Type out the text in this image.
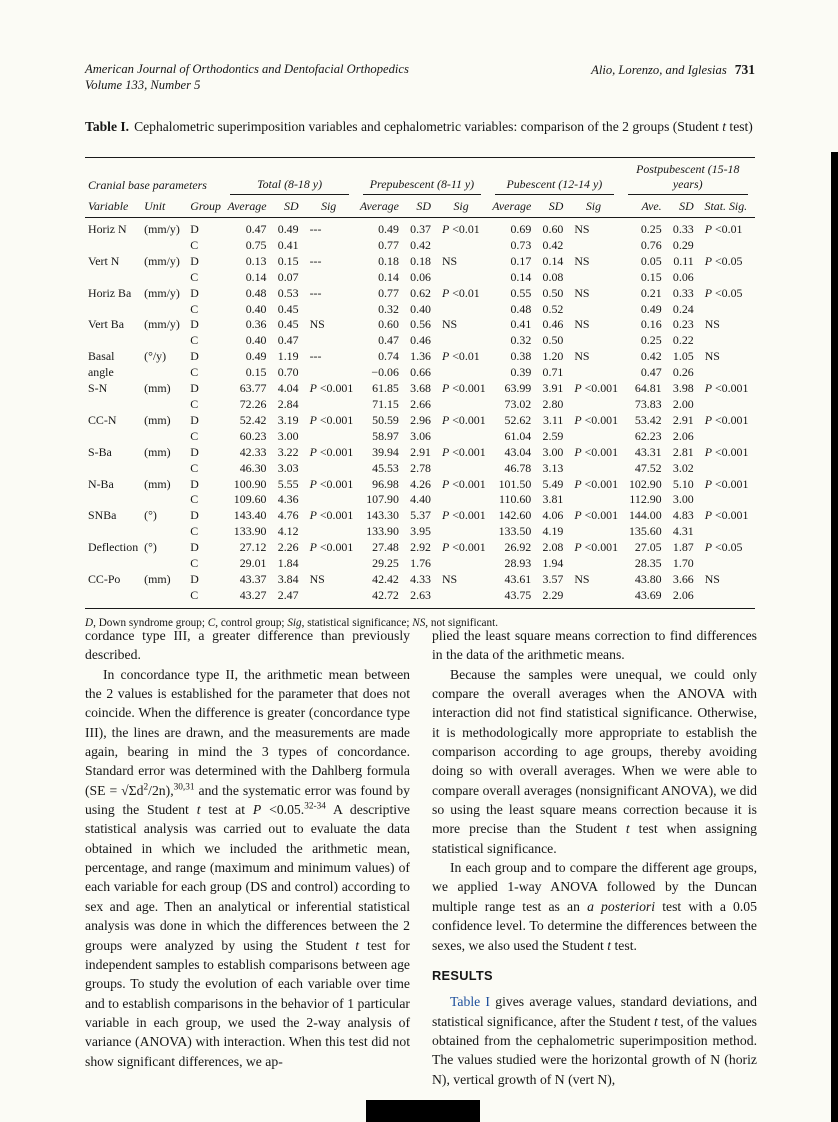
American Journal of Orthodontics and Dentofacial Orthopedics
Volume 133, Number 5
Alio, Lorenzo, and Iglesias 731
Table I. Cephalometric superimposition variables and cephalometric variables: comparison of the 2 groups (Student t test)
Cranial base parameters			Total (8-18 y)			Prepubescent (8-11 y)			Pubescent (12-14 y)			Postpubescent (15-18 years)		

Variable	Unit	Group	Average	SD	Sig	Average	SD	Sig	Average	SD	Sig	Ave.	SD	Stat. Sig.
Horiz N	(mm/y)	D	0.47	0.49	---	0.49	0.37	P <0.01	0.69	0.60	NS	0.25	0.33	P <0.01
		C	0.75	0.41		0.77	0.42		0.73	0.42		0.76	0.29	
Vert N	(mm/y)	D	0.13	0.15	---	0.18	0.18	NS	0.17	0.14	NS	0.05	0.11	P <0.05
		C	0.14	0.07		0.14	0.06		0.14	0.08		0.15	0.06	
Horiz Ba	(mm/y)	D	0.48	0.53	---	0.77	0.62	P <0.01	0.55	0.50	NS	0.21	0.33	P <0.05
		C	0.40	0.45		0.32	0.40		0.48	0.52		0.49	0.24	
Vert Ba	(mm/y)	D	0.36	0.45	NS	0.60	0.56	NS	0.41	0.46	NS	0.16	0.23	NS
		C	0.40	0.47		0.47	0.46		0.32	0.50		0.25	0.22	
Basal	(°/y)	D	0.49	1.19	---	0.74	1.36	P <0.01	0.38	1.20	NS	0.42	1.05	NS
angle		C	0.15	0.70		−0.06	0.66		0.39	0.71		0.47	0.26	
S-N	(mm)	D	63.77	4.04	P <0.001	61.85	3.68	P <0.001	63.99	3.91	P <0.001	64.81	3.98	P <0.001
		C	72.26	2.84		71.15	2.66		73.02	2.80		73.83	2.00	
CC-N	(mm)	D	52.42	3.19	P <0.001	50.59	2.96	P <0.001	52.62	3.11	P <0.001	53.42	2.91	P <0.001
		C	60.23	3.00		58.97	3.06		61.04	2.59		62.23	2.06	
S-Ba	(mm)	D	42.33	3.22	P <0.001	39.94	2.91	P <0.001	43.04	3.00	P <0.001	43.31	2.81	P <0.001
		C	46.30	3.03		45.53	2.78		46.78	3.13		47.52	3.02	
N-Ba	(mm)	D	100.90	5.55	P <0.001	96.98	4.26	P <0.001	101.50	5.49	P <0.001	102.90	5.10	P <0.001
		C	109.60	4.36		107.90	4.40		110.60	3.81		112.90	3.00	
SNBa	(°)	D	143.40	4.76	P <0.001	143.30	5.37	P <0.001	142.60	4.06	P <0.001	144.00	4.83	P <0.001
		C	133.90	4.12		133.90	3.95		133.50	4.19		135.60	4.31	
Deflection	(°)	D	27.12	2.26	P <0.001	27.48	2.92	P <0.001	26.92	2.08	P <0.001	27.05	1.87	P <0.05
		C	29.01	1.84		29.25	1.76		28.93	1.94		28.35	1.70	
CC-Po	(mm)	D	43.37	3.84	NS	42.42	4.33	NS	43.61	3.57	NS	43.80	3.66	NS
		C	43.27	2.47		42.72	2.63		43.75	2.29		43.69	2.06	
D, Down syndrome group; C, control group; Sig, statistical significance; NS, not significant.

cordance type III, a greater difference than previously described.

In concordance type II, the arithmetic mean between the 2 values is established for the parameter that does not coincide. When the difference is greater (concordance type III), the lines are drawn, and the measurements are made again, bearing in mind the 3 types of concordance. Standard error was determined with the Dahlberg formula $(SE = √\Sigma d^2/2n),^{30,31}$ and the systematic error was found by using the Student t test at P <0.05.$^{32-34}$ A descriptive statistical analysis was carried out to evaluate the data obtained in which we included the arithmetic mean, percentage, and range (maximum and minimum values) of each variable for each group (DS and control) according to sex and age. Then an analytical or inferential statistical analysis was done in which the differences between the 2 groups were analyzed by using the Student t test for independent samples to establish comparisons between age groups. To study the evolution of each variable over time and to establish comparisons in the behavior of 1 particular variable in each group, we used the 2-way analysis of variance (ANOVA) with interaction. When this test did not show significant differences, we ap-

plied the least square means correction to find differences in the data of the arithmetic means.

Because the samples were unequal, we could only compare the overall averages when the ANOVA with interaction did not find statistical significance. Otherwise, it is methodologically more appropriate to establish the comparison according to age groups, thereby avoiding doing so with overall averages. When we were able to compare overall averages (nonsignificant ANOVA), we did so using the least square means correction because it is more precise than the Student t test when assigning statistical significance.

In each group and to compare the different age groups, we applied 1-way ANOVA followed by the Duncan multiple range test as an a posteriori test with a 0.05 confidence level. To determine the differences between the sexes, we also used the Student t test.

RESULTS

Table I gives average values, standard deviations, and statistical significance, after the Student t test, of the values obtained from the cephalometric superimposition method. The values studied were the horizontal growth of N (horiz N), vertical growth of N (vert N),
